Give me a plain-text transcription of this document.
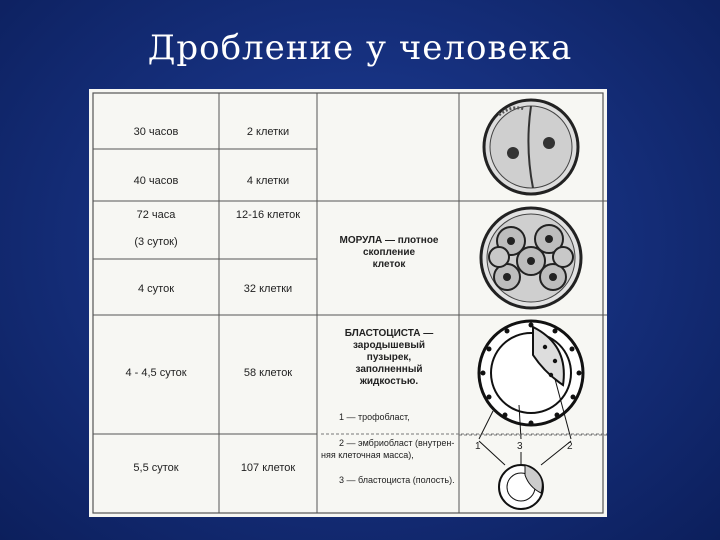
Дробление у человека
30 часов
40 часов
72 часа
(3 суток)
4 суток
4 - 4,5 суток
5,5 суток
2 клетки
4 клетки
12-16 клеток
32 клетки
58 клеток
107 клеток
МОРУЛА — плотное
скопление
клеток
БЛАСТОЦИСТА —
зародышевый
пузырек,
заполненный
жидкостью.
1 — трофобласт,
2 — эмбриобласт (внутрен-
няя клеточная масса),
3 — бластоциста (полость).
1	3	2
